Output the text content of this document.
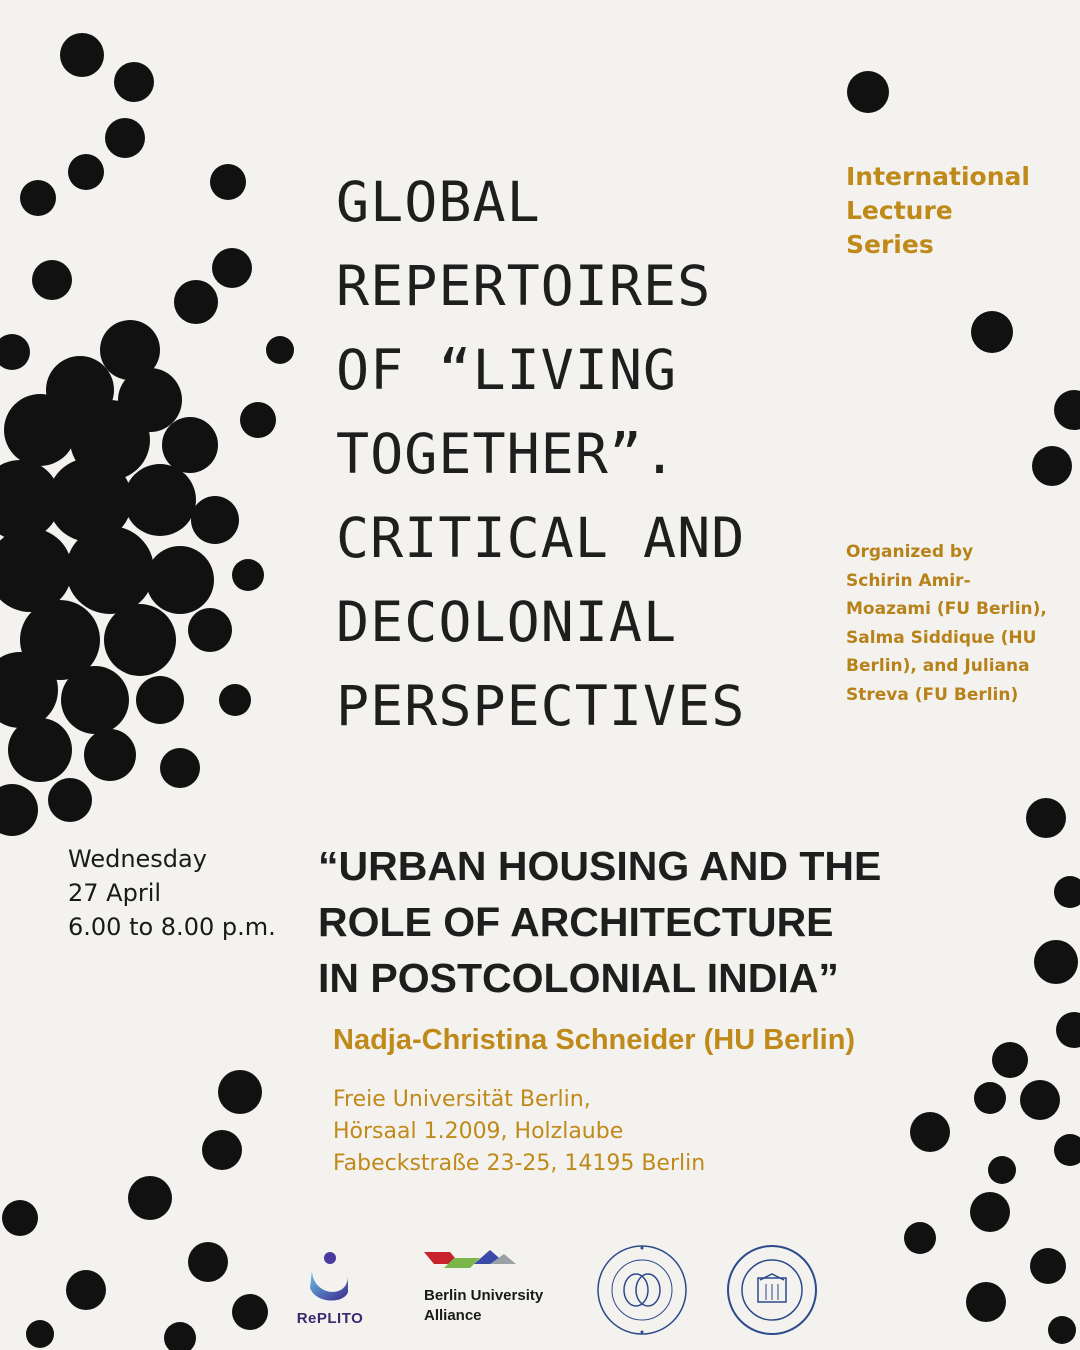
GLOBAL
REPERTOIRES
OF “LIVING
TOGETHER”.
CRITICAL AND
DECOLONIAL
PERSPECTIVES
International
Lecture
Series
Organized by
Schirin Amir-
Moazami (FU Berlin),
Salma Siddique (HU
Berlin), and Juliana
Streva (FU Berlin)
Wednesday
27 April
6.00 to 8.00 p.m.
“URBAN HOUSING AND THE
ROLE OF ARCHITECTURE
IN POSTCOLONIAL INDIA”
Nadja-Christina Schneider (HU Berlin)
Freie Universität Berlin,
Hörsaal 1.2009, Holzlaube
Fabeckstraße 23-25, 14195 Berlin
RePLITO
Berlin University
Alliance
